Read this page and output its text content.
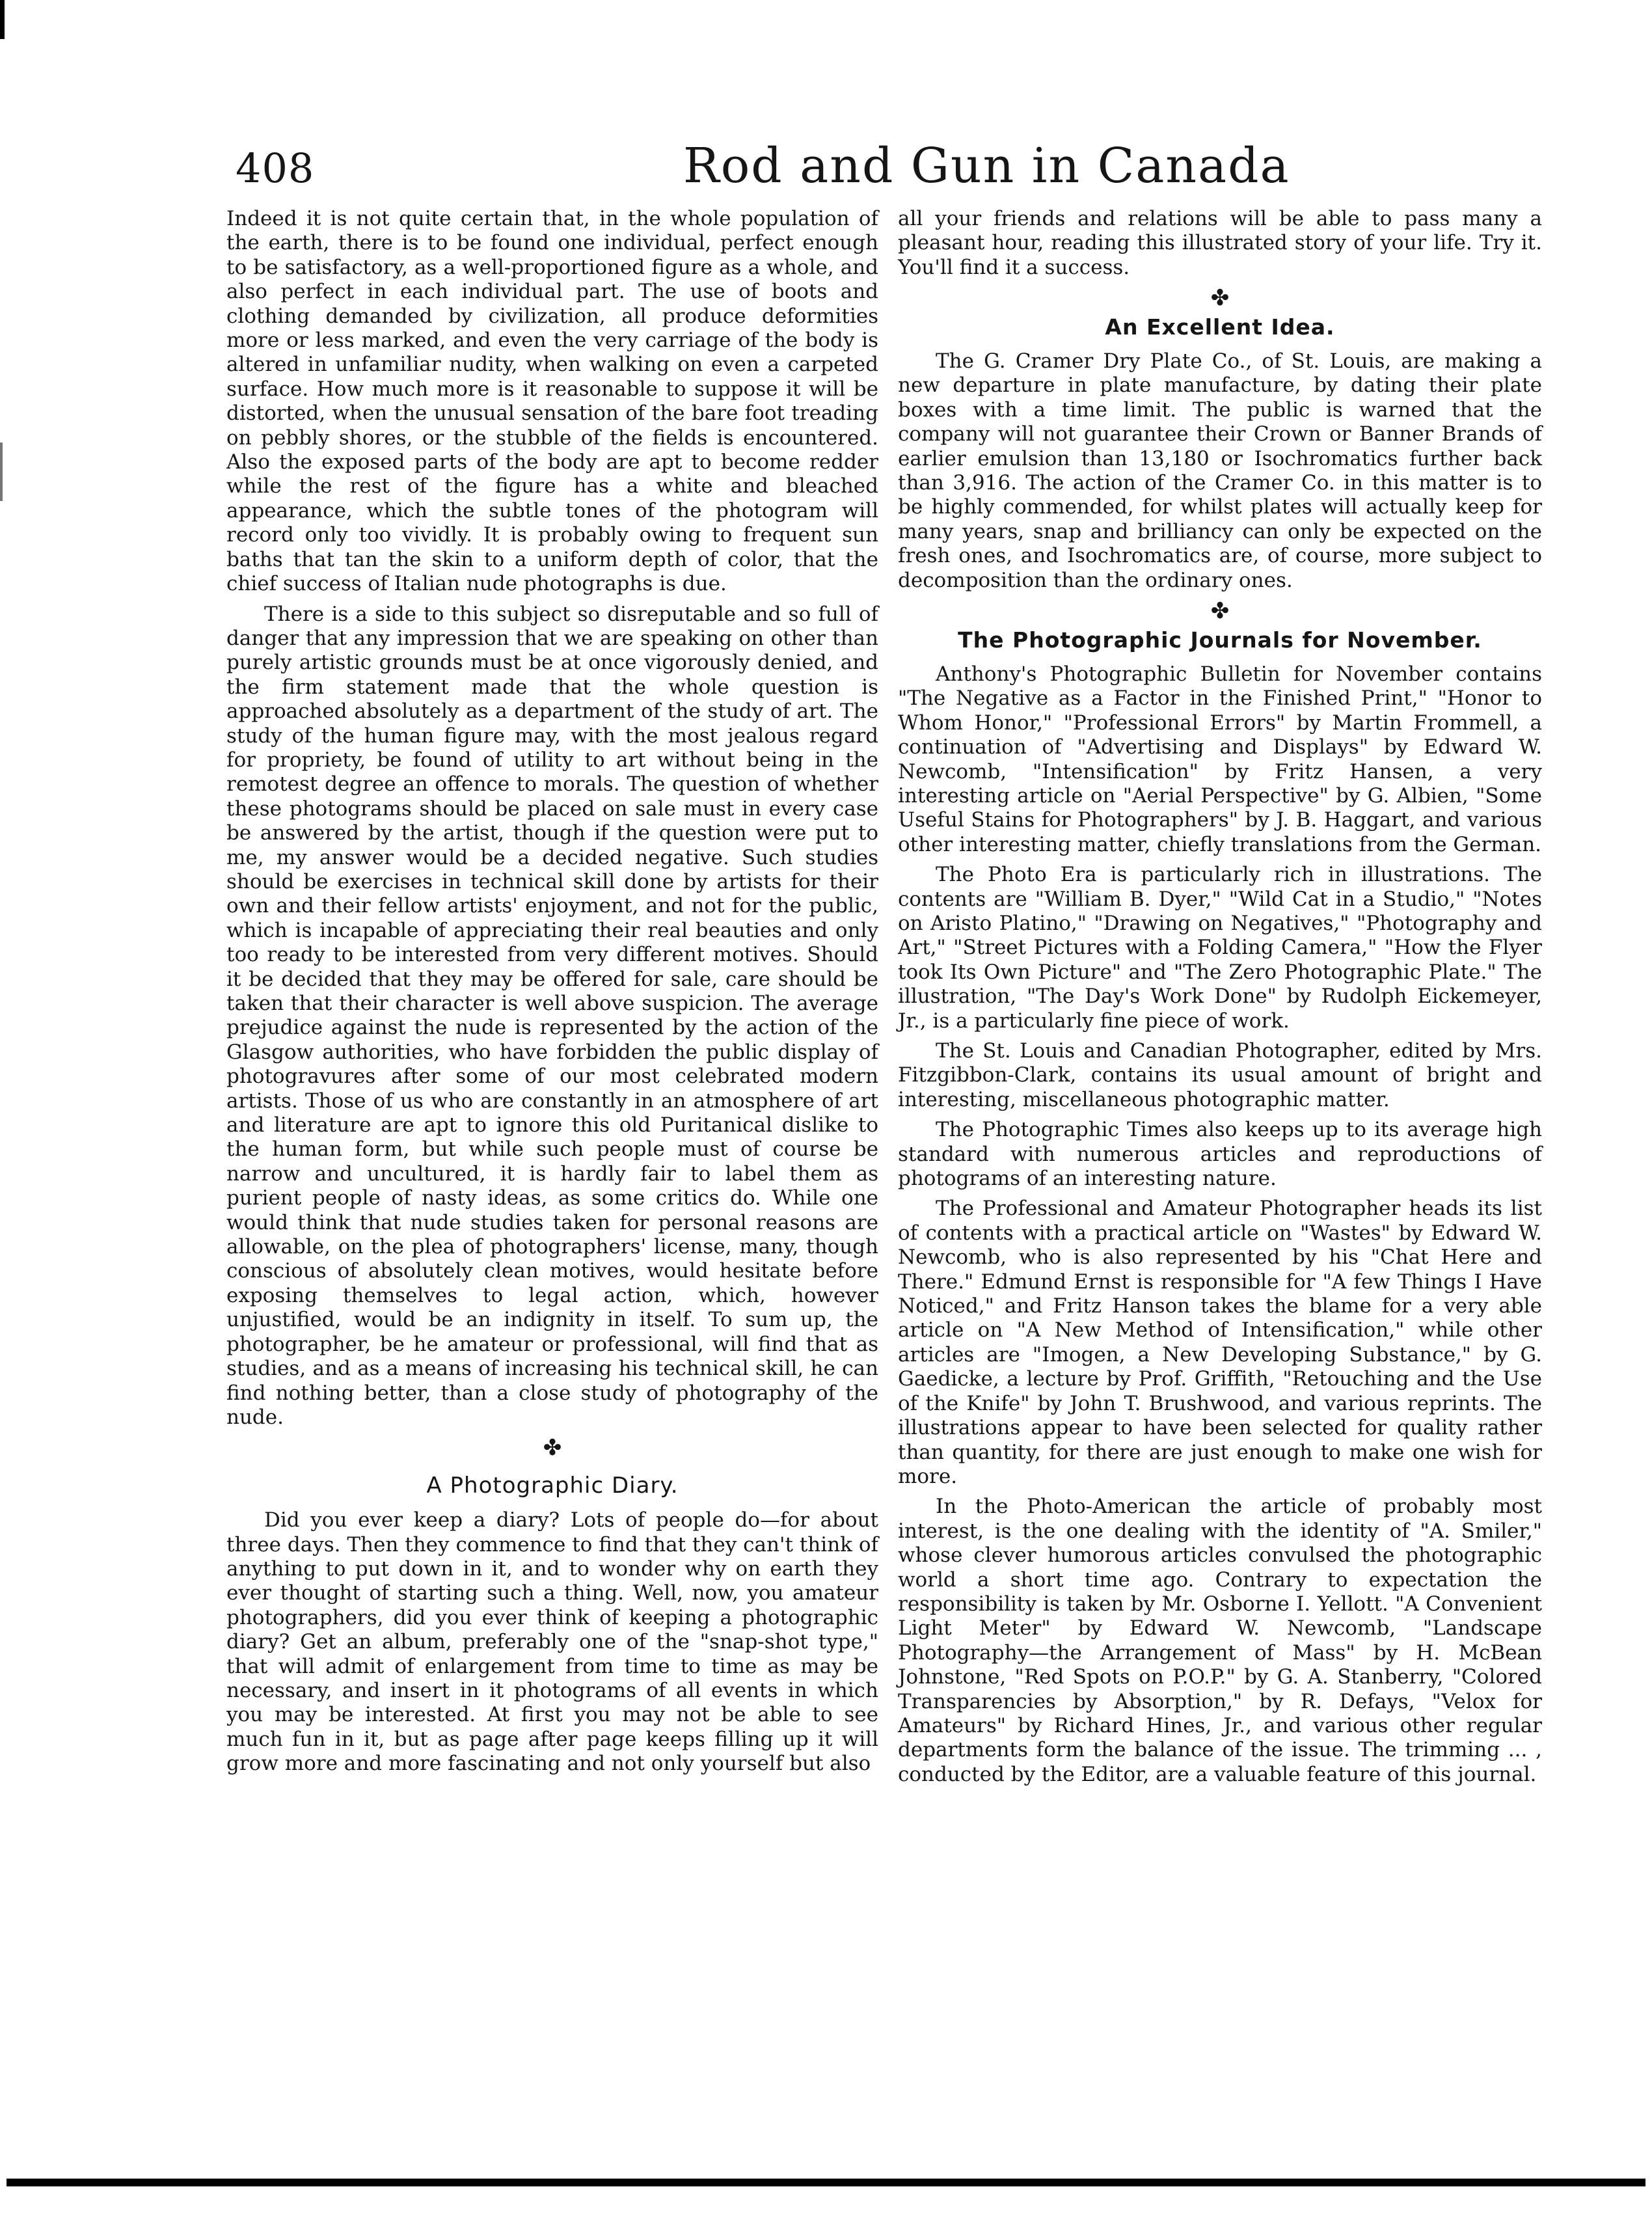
408	Rod and Gun in Canada

Indeed it is not quite certain that, in the whole population of the earth, there is to be found one individual, perfect enough to be satisfactory, as a well-proportioned figure as a whole, and also perfect in each individual part. The use of boots and clothing demanded by civilization, all produce deformities more or less marked, and even the very carriage of the body is altered in unfamiliar nudity, when walking on even a carpeted surface. How much more is it reasonable to suppose it will be distorted, when the unusual sensation of the bare foot treading on pebbly shores, or the stubble of the fields is encountered. Also the exposed parts of the body are apt to become redder while the rest of the figure has a white and bleached appearance, which the subtle tones of the photogram will record only too vividly. It is probably owing to frequent sun baths that tan the skin to a uniform depth of color, that the chief success of Italian nude photographs is due.

There is a side to this subject so disreputable and so full of danger that any impression that we are speaking on other than purely artistic grounds must be at once vigorously denied, and the firm statement made that the whole question is approached absolutely as a department of the study of art. The study of the human figure may, with the most jealous regard for propriety, be found of utility to art without being in the remotest degree an offence to morals. The question of whether these photograms should be placed on sale must in every case be answered by the artist, though if the question were put to me, my answer would be a decided negative. Such studies should be exercises in technical skill done by artists for their own and their fellow artists' enjoyment, and not for the public, which is incapable of appreciating their real beauties and only too ready to be interested from very different motives. Should it be decided that they may be offered for sale, care should be taken that their character is well above suspicion. The average prejudice against the nude is represented by the action of the Glasgow authorities, who have forbidden the public display of photogravures after some of our most celebrated modern artists. Those of us who are constantly in an atmosphere of art and literature are apt to ignore this old Puritanical dislike to the human form, but while such people must of course be narrow and uncultured, it is hardly fair to label them as purient people of nasty ideas, as some critics do. While one would think that nude studies taken for personal reasons are allowable, on the plea of photographers' license, many, though conscious of absolutely clean motives, would hesitate before exposing themselves to legal action, which, however unjustified, would be an indignity in itself. To sum up, the photographer, be he amateur or professional, will find that as studies, and as a means of increasing his technical skill, he can find nothing better, than a close study of photography of the nude.

✤
A Photographic Diary.

Did you ever keep a diary? Lots of people do—for about three days. Then they commence to find that they can't think of anything to put down in it, and to wonder why on earth they ever thought of starting such a thing. Well, now, you amateur photographers, did you ever think of keeping a photographic diary? Get an album, preferably one of the "snap-shot type," that will admit of enlargement from time to time as may be necessary, and insert in it photograms of all events in which you may be interested. At first you may not be able to see much fun in it, but as page after page keeps filling up it will grow more and more fascinating and not only yourself but also

all your friends and relations will be able to pass many a pleasant hour, reading this illustrated story of your life. Try it. You'll find it a success.

✤
An Excellent Idea.

The G. Cramer Dry Plate Co., of St. Louis, are making a new departure in plate manufacture, by dating their plate boxes with a time limit. The public is warned that the company will not guarantee their Crown or Banner Brands of earlier emulsion than 13,180 or Isochromatics further back than 3,916. The action of the Cramer Co. in this matter is to be highly commended, for whilst plates will actually keep for many years, snap and brilliancy can only be expected on the fresh ones, and Isochromatics are, of course, more subject to decomposition than the ordinary ones.

✤
The Photographic Journals for November.

Anthony's Photographic Bulletin for November contains "The Negative as a Factor in the Finished Print," "Honor to Whom Honor," "Professional Errors" by Martin Frommell, a continuation of "Advertising and Displays" by Edward W. Newcomb, "Intensification" by Fritz Hansen, a very interesting article on "Aerial Perspective" by G. Albien, "Some Useful Stains for Photographers" by J. B. Haggart, and various other interesting matter, chiefly translations from the German.

The Photo Era is particularly rich in illustrations. The contents are "William B. Dyer," "Wild Cat in a Studio," "Notes on Aristo Platino," "Drawing on Negatives," "Photography and Art," "Street Pictures with a Folding Camera," "How the Flyer took Its Own Picture" and "The Zero Photographic Plate." The illustration, "The Day's Work Done" by Rudolph Eickemeyer, Jr., is a particularly fine piece of work.

The St. Louis and Canadian Photographer, edited by Mrs. Fitzgibbon-Clark, contains its usual amount of bright and interesting, miscellaneous photographic matter.

The Photographic Times also keeps up to its average high standard with numerous articles and reproductions of photograms of an interesting nature.

The Professional and Amateur Photographer heads its list of contents with a practical article on "Wastes" by Edward W. Newcomb, who is also represented by his "Chat Here and There." Edmund Ernst is responsible for "A few Things I Have Noticed," and Fritz Hanson takes the blame for a very able article on "A New Method of Intensification," while other articles are "Imogen, a New Developing Substance," by G. Gaedicke, a lecture by Prof. Griffith, "Retouching and the Use of the Knife" by John T. Brushwood, and various reprints. The illustrations appear to have been selected for quality rather than quantity, for there are just enough to make one wish for more.

In the Photo-American the article of probably most interest, is the one dealing with the identity of "A. Smiler," whose clever humorous articles convulsed the photographic world a short time ago. Contrary to expectation the responsibility is taken by Mr. Osborne I. Yellott. "A Convenient Light Meter" by Edward W. Newcomb, "Landscape Photography—the Arrangement of Mass" by H. McBean Johnstone, "Red Spots on P.O.P." by G. A. Stanberry, "Colored Transparencies by Absorption," by R. Defays, "Velox for Amateurs" by Richard Hines, Jr., and various other regular departments form the balance of the issue. The trimming ... , conducted by the Editor, are a valuable feature of this journal.
